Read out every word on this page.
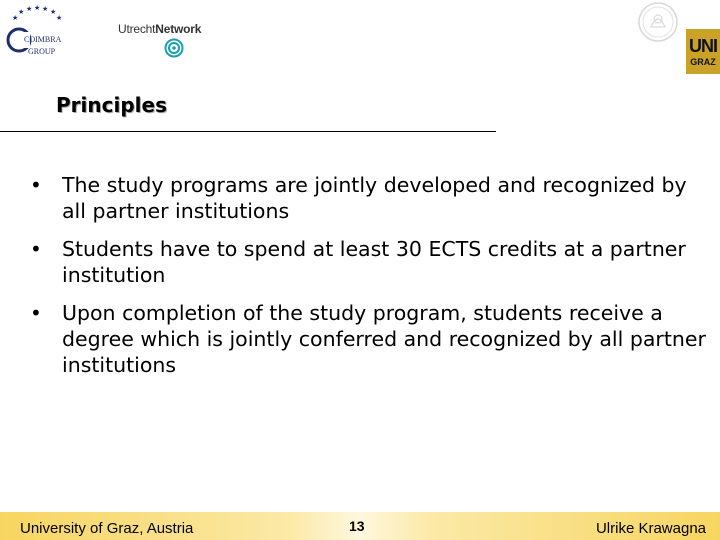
★ ★ ★ ★ ★
★	★
COIMBRA
GROUP
UtrechtNetwork
UNI
GRAZ
Principles
• The study programs are jointly developed and recognized by all partner institutions
• Students have to spend at least 30 ECTS credits at a partner institution
• Upon completion of the study program, students receive a degree which is jointly conferred and recognized by all partner institutions
University of Graz, Austria	13	Ulrike Krawagna
